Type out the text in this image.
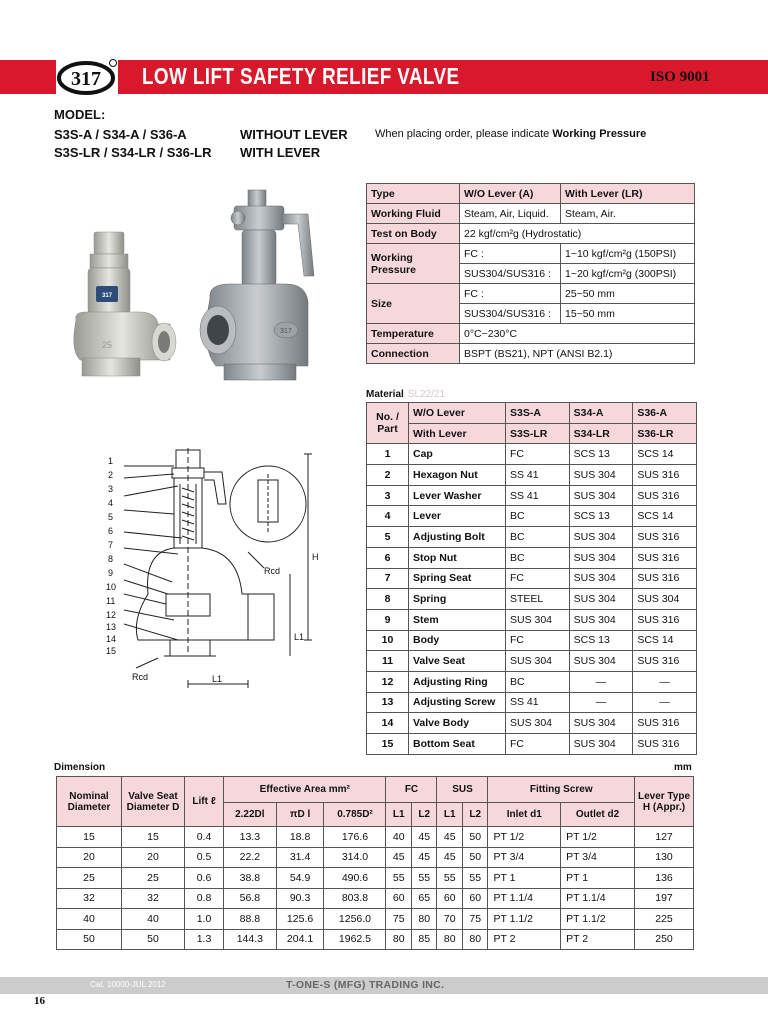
317 LOW LIFT SAFETY RELIEF VALVE	ISO 9001
MODEL:
S3S-A / S34-A / S36-A	WITHOUT LEVER
S3S-LR / S34-LR / S36-LR WITH LEVER
When placing order, please indicate Working Pressure
317
25
317
1
2
3
4
5
6
7
8
9
10
11
12
13
14
15
Rcd
Rcd
H
L1
L1
Type	W/O Lever (A)	With Lever (LR)
Working Fluid	Steam, Air, Liquid.	Steam, Air.
Test on Body	22 kgf/cm²g (Hydrostatic)	
Working Pressure	FC :	1~10 kgf/cm²g (150PSI)
	SUS304/SUS316 :	1~20 kgf/cm²g (300PSI)
Size	FC :	25~50 mm
	SUS304/SUS316 :	15~50 mm
Temperature	0°C~230°C	
Connection	BSPT (BS21), NPT (ANSI B2.1)	
Material SL22/21
No. / Part	W/O Lever	S3S-A	S34-A	S36-A
	With Lever	S3S-LR	S34-LR	S36-LR
1	Cap	FC	SCS 13	SCS 14
2	Hexagon Nut	SS 41	SUS 304	SUS 316
3	Lever Washer	SS 41	SUS 304	SUS 316
4	Lever	BC	SCS 13	SCS 14
5	Adjusting Bolt	BC	SUS 304	SUS 316
6	Stop Nut	BC	SUS 304	SUS 316
7	Spring Seat	FC	SUS 304	SUS 316
8	Spring	STEEL	SUS 304	SUS 304
9	Stem	SUS 304	SUS 304	SUS 316
10	Body	FC	SCS 13	SCS 14
11	Valve Seat	SUS 304	SUS 304	SUS 316
12	Adjusting Ring	BC	—	—
13	Adjusting Screw	SS 41	—	—
14	Valve Body	SUS 304	SUS 304	SUS 316
15	Bottom Seat	FC	SUS 304	SUS 316
Dimension	mm
Nominal Diameter	Valve Seat Diameter D	Lift ℓ	Effective Area mm²			FC		SUS		Fitting Screw		Lever Type H (Appr.)
			2.22Dl	πD l	0.785D²	L1	L2	L1	L2	Inlet d1	Outlet d2	
15	15	0.4	13.3	18.8	176.6	40	45	45	50	PT 1/2	PT 1/2	127
20	20	0.5	22.2	31.4	314.0	45	45	45	50	PT 3/4	PT 3/4	130
25	25	0.6	38.8	54.9	490.6	55	55	55	55	PT 1	PT 1	136
32	32	0.8	56.8	90.3	803.8	60	65	60	60	PT 1.1/4	PT 1.1/4	197
40	40	1.0	88.8	125.6	1256.0	75	80	70	75	PT 1.1/2	PT 1.1/2	225
50	50	1.3	144.3	204.1	1962.5	80	85	80	80	PT 2	PT 2	250
Cat. 10000-JUL 2012	T-ONE-S (MFG) TRADING INC.
16
